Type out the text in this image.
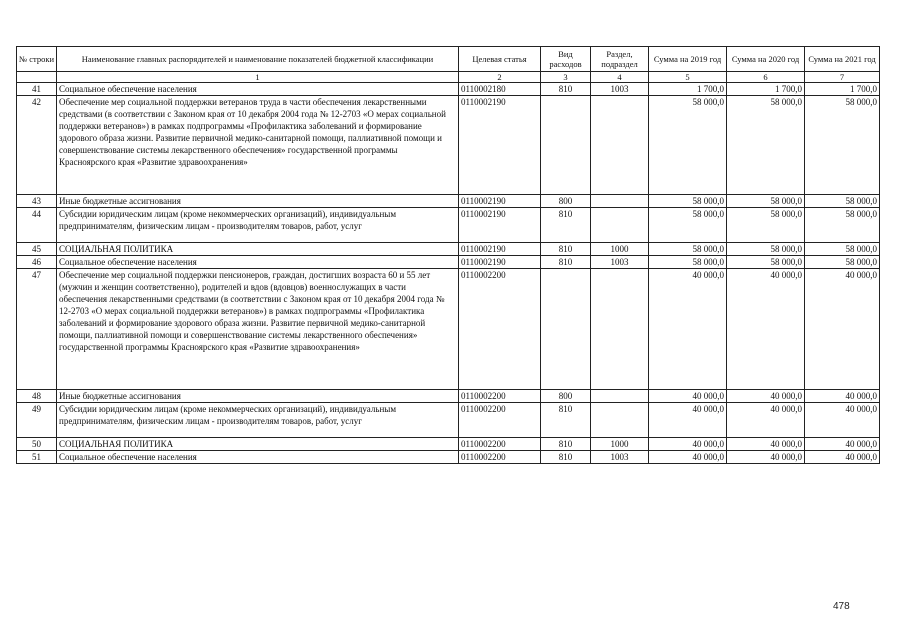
№ строки	Наименование главных распорядителей и наименование показателей бюджетной классификации	Целевая статья	Вид расходов	Раздел, подраздел	Сумма на 2019 год	Сумма на 2020 год	Сумма на 2021 год
	1	2	3	4	5	6	7
41	Социальное обеспечение населения	0110002180	810	1003	1 700,0	1 700,0	1 700,0
42	Обеспечение мер социальной поддержки ветеранов труда в части обеспечения лекарственными средствами (в соответствии с Законом края от 10 декабря 2004 года № 12-2703 «О мерах социальной поддержки ветеранов») в рамках подпрограммы «Профилактика заболеваний и формирование здорового образа жизни. Развитие первичной медико-санитарной помощи, паллиативной помощи и совершенствование системы лекарственного обеспечения» государственной программы Красноярского края «Развитие здравоохранения»	0110002190			58 000,0	58 000,0	58 000,0
43	Иные бюджетные ассигнования	0110002190	800		58 000,0	58 000,0	58 000,0
44	Субсидии юридическим лицам (кроме некоммерческих организаций), индивидуальным предпринимателям, физическим лицам - производителям товаров, работ, услуг	0110002190	810		58 000,0	58 000,0	58 000,0
45	СОЦИАЛЬНАЯ ПОЛИТИКА	0110002190	810	1000	58 000,0	58 000,0	58 000,0
46	Социальное обеспечение населения	0110002190	810	1003	58 000,0	58 000,0	58 000,0
47	Обеспечение мер социальной поддержки пенсионеров, граждан, достигших возраста 60 и 55 лет (мужчин и женщин соответственно), родителей и вдов (вдовцов) военнослужащих в части обеспечения лекарственными средствами (в соответствии с Законом края от 10 декабря 2004 года № 12-2703 «О мерах социальной поддержки ветеранов») в рамках подпрограммы «Профилактика заболеваний и формирование здорового образа жизни. Развитие первичной медико-санитарной помощи, паллиативной помощи и совершенствование системы лекарственного обеспечения» государственной программы Красноярского края «Развитие здравоохранения»	0110002200			40 000,0	40 000,0	40 000,0
48	Иные бюджетные ассигнования	0110002200	800		40 000,0	40 000,0	40 000,0
49	Субсидии юридическим лицам (кроме некоммерческих организаций), индивидуальным предпринимателям, физическим лицам - производителям товаров, работ, услуг	0110002200	810		40 000,0	40 000,0	40 000,0
50	СОЦИАЛЬНАЯ ПОЛИТИКА	0110002200	810	1000	40 000,0	40 000,0	40 000,0
51	Социальное обеспечение населения	0110002200	810	1003	40 000,0	40 000,0	40 000,0
478
